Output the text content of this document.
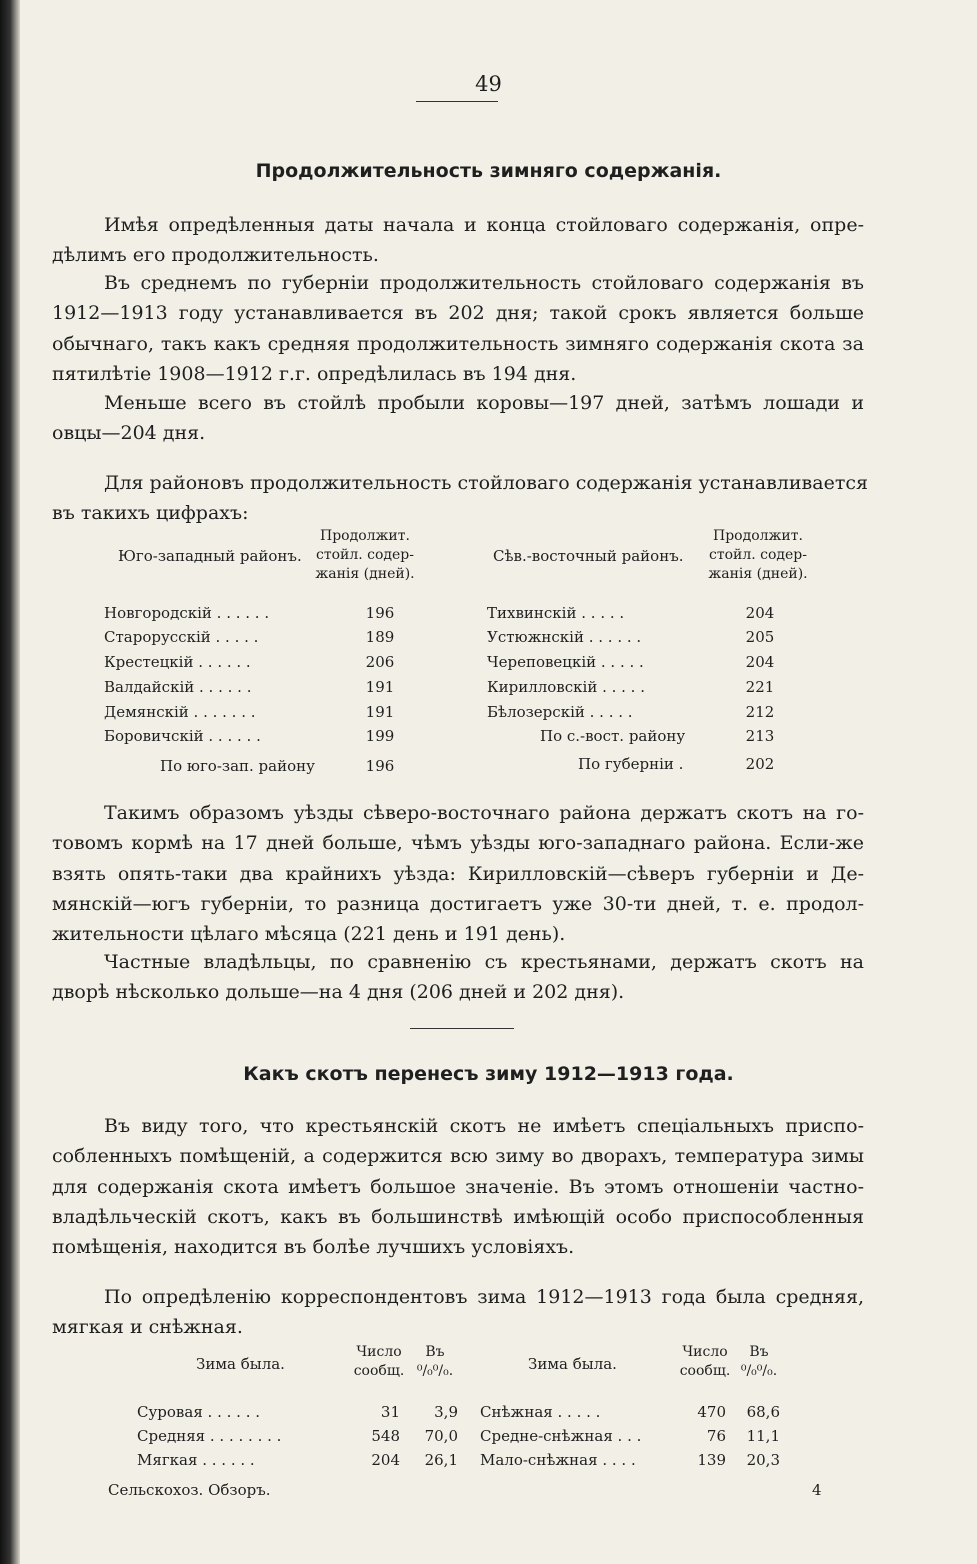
49
Продолжительность зимняго содержанія.
Имѣя опредѣленныя даты начала и конца стойловаго содержанія, опре-
дѣлимъ его продолжительность.
Въ среднемъ по губерніи продолжительность стойловаго содержанія въ
1912—1913 году устанавливается въ 202 дня; такой срокъ является больше
обычнаго, такъ какъ средняя продолжительность зимняго содержанія скота за
пятилѣтіе 1908—1912 г.г. опредѣлилась въ 194 дня.
Меньше всего въ стойлѣ пробыли коровы—197 дней, затѣмъ лошади и
овцы—204 дня.
Для районовъ продолжительность стойловаго содержанія устанавливается
въ такихъ цифрахъ:
Юго-западный районъ.
Продолжит.
стойл. содер-
жанія (дней).
Сѣв.-восточный районъ.
Продолжит.
стойл. содер-
жанія (дней).
Новгородскій . . . . . .	196
Старорусскій . . . . .	189
Крестецкій . . . . . .	206
Валдайскій . . . . . .	191
Демянскій . . . . . . .	191
Боровичскій . . . . . .	199
По юго-зап. району	196
Тихвинскій . . . . .	204
Устюжнскій . . . . . .	205
Череповецкій . . . . .	204
Кирилловскій . . . . .	221
Бѣлозерскій . . . . .	212
По с.-вост. району	213
По губерніи .	202
Такимъ образомъ уѣзды сѣверо-восточнаго района держатъ скотъ на го-
товомъ кормѣ на 17 дней больше, чѣмъ уѣзды юго-западнаго района. Если-же
взять опять-таки два крайнихъ уѣзда: Кирилловскій—сѣверъ губерніи и Де-
мянскій—югъ губерніи, то разница достигаетъ уже 30-ти дней, т. е. продол-
жительности цѣлаго мѣсяца (221 день и 191 день).
Частные владѣльцы, по сравненію съ крестьянами, держатъ скотъ на
дворѣ нѣсколько дольше—на 4 дня (206 дней и 202 дня).
Какъ скотъ перенесъ зиму 1912—1913 года.
Въ виду того, что крестьянскій скотъ не имѣетъ спеціальныхъ приспо-
собленныхъ помѣщеній, а содержится всю зиму во дворахъ, температура зимы
для содержанія скота имѣетъ большое значеніе. Въ этомъ отношеніи частно-
владѣльческій скотъ, какъ въ большинствѣ имѣющій особо приспособленныя
помѣщенія, находится въ болѣе лучшихъ условіяхъ.
По опредѣленію корреспондентовъ зима 1912—1913 года была средняя,
мягкая и снѣжная.
Зима была.
Число
сообщ.
Въ
⁰/₀⁰/₀.	Зима была.
Число
сообщ.
Въ
⁰/₀⁰/₀.
Суровая . . . . . .	31	3,9
Средняя . . . . . . . .	548	70,0
Мягкая . . . . . .	204	26,1
Снѣжная . . . . .	470	68,6
Средне-снѣжная . . .	76	11,1
Мало-снѣжная . . . .	139	20,3
Сельскохоз. Обзоръ.	4
